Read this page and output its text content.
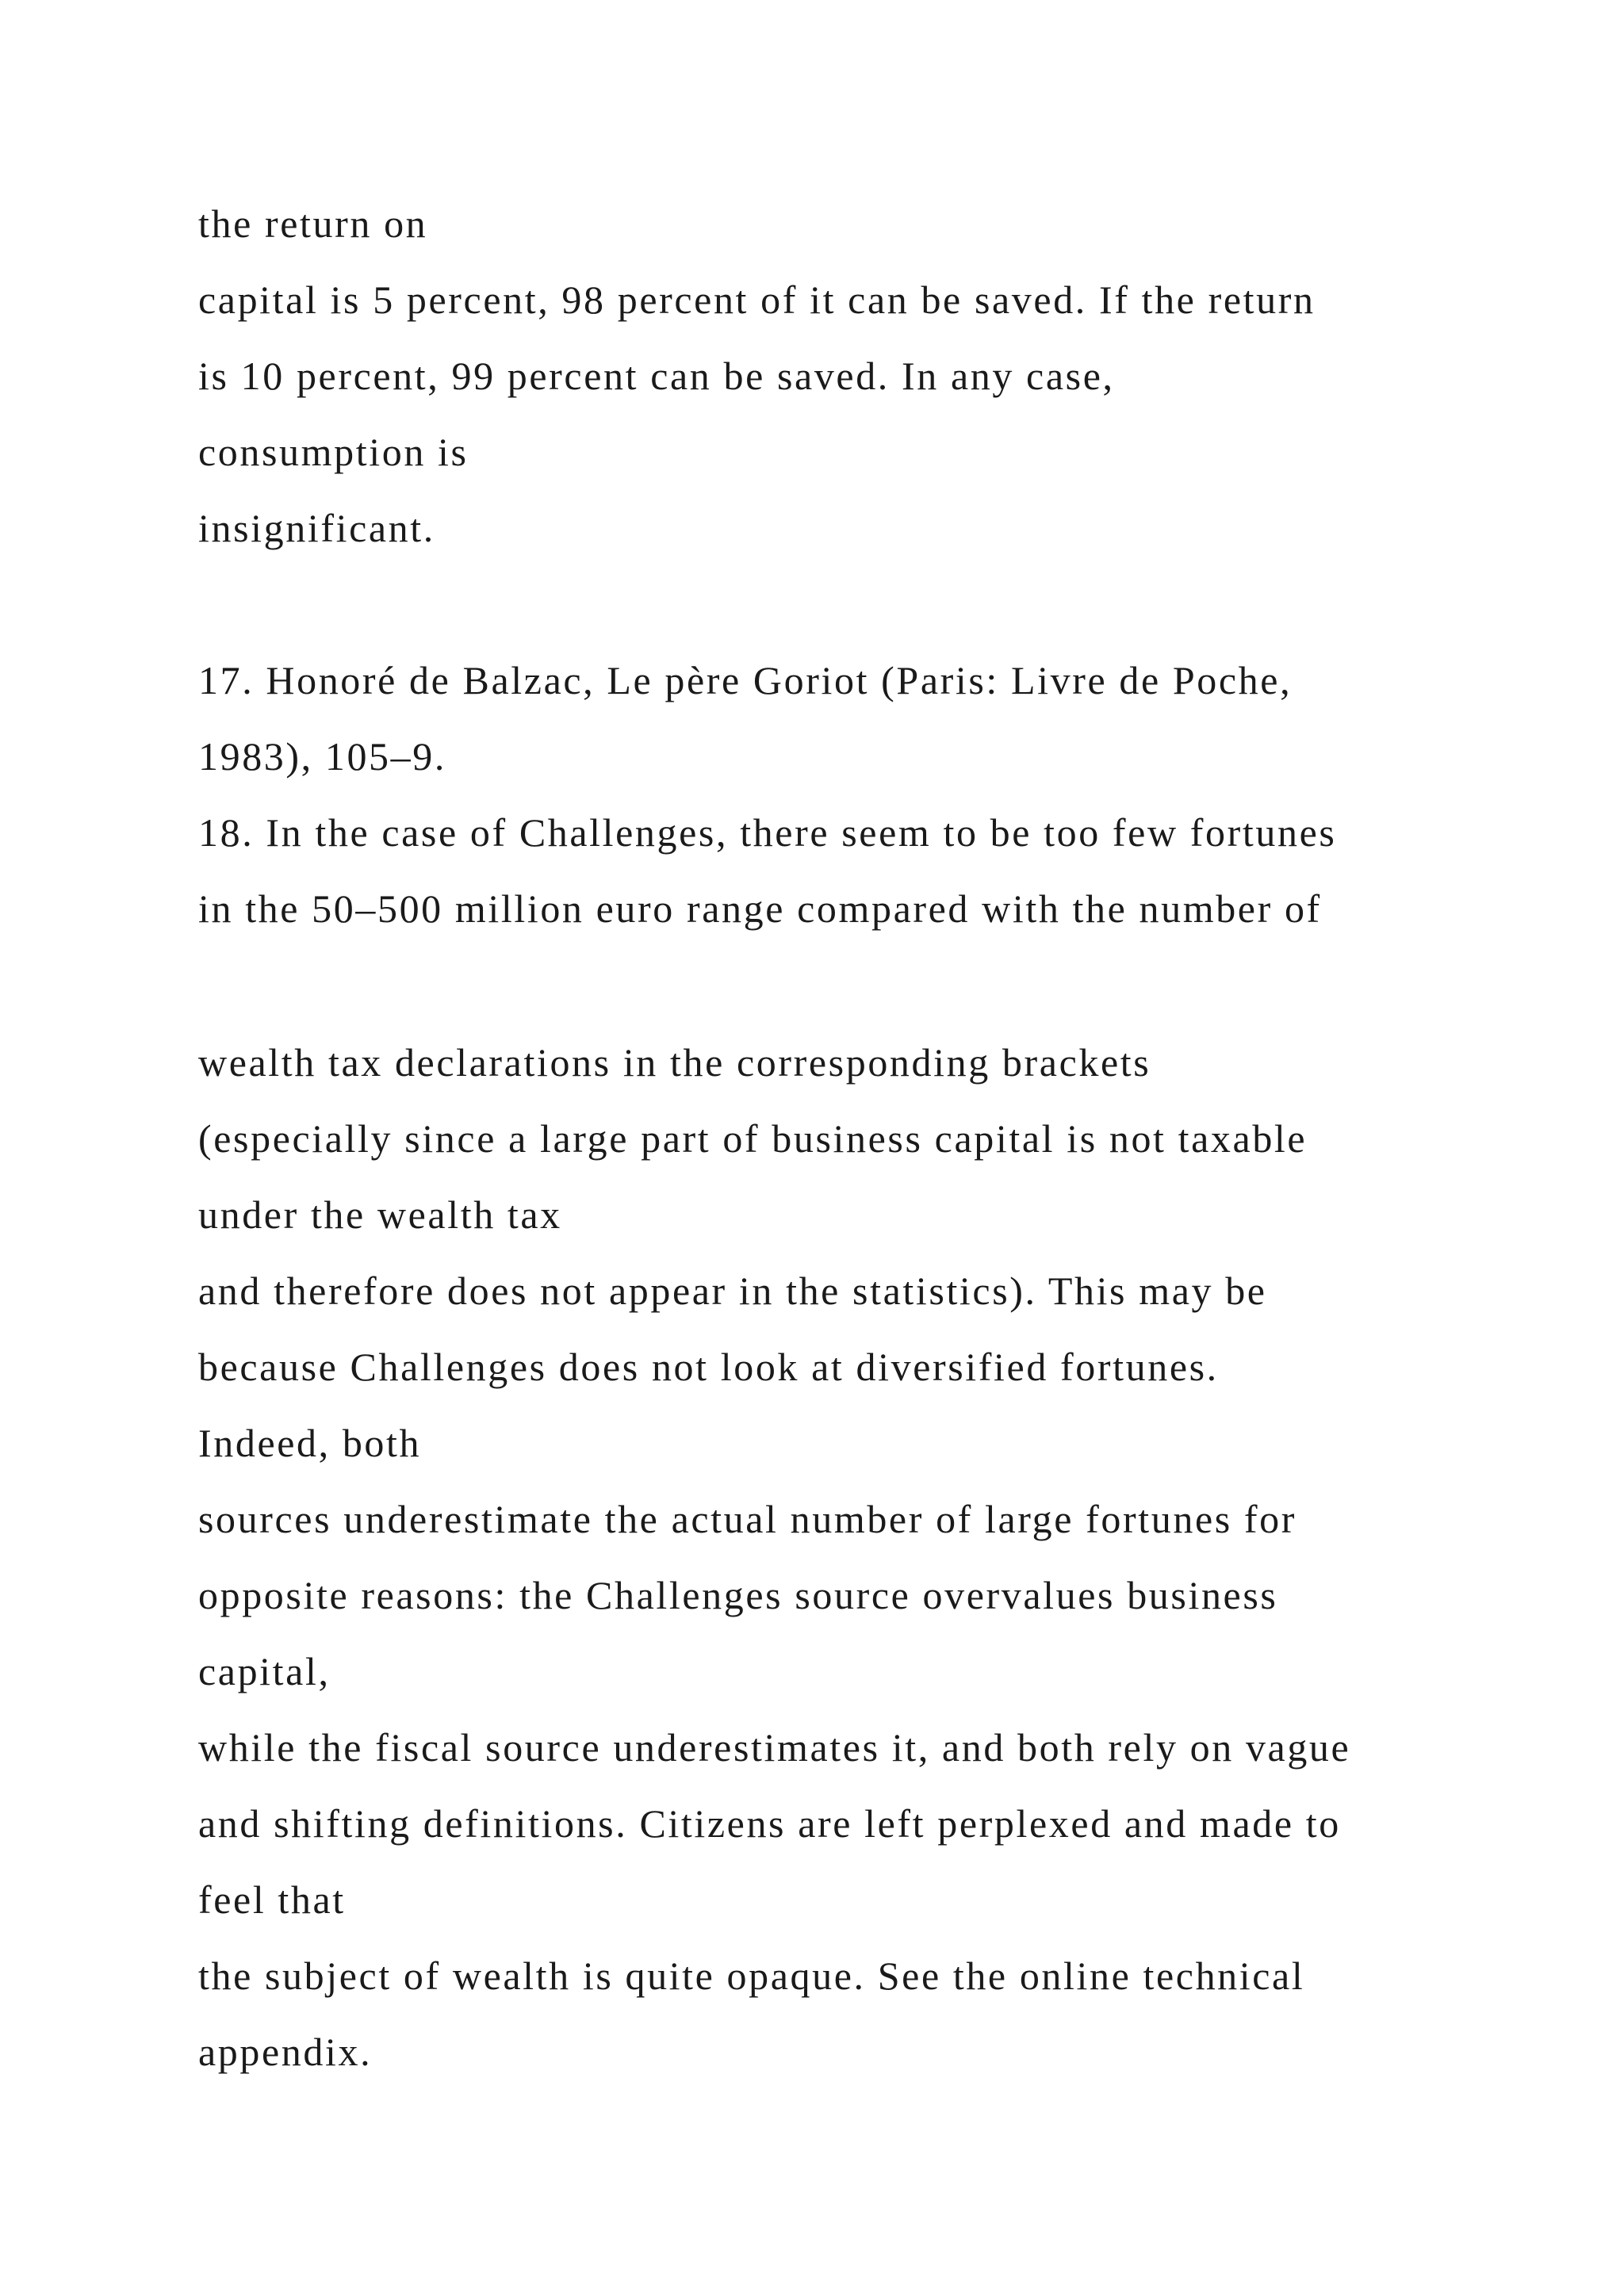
the return on

capital is 5 percent, 98 percent of it can be saved. If the return

is 10 percent, 99 percent can be saved. In any case,

consumption is

insignificant.

17. Honoré de Balzac, Le père Goriot (Paris: Livre de Poche,

1983), 105–9.

18. In the case of Challenges, there seem to be too few fortunes

in the 50–500 million euro range compared with the number of

wealth tax declarations in the corresponding brackets

(especially since a large part of business capital is not taxable

under the wealth tax

and therefore does not appear in the statistics). This may be

because Challenges does not look at diversified fortunes.

Indeed, both

sources underestimate the actual number of large fortunes for

opposite reasons: the Challenges source overvalues business

capital,

while the fiscal source underestimates it, and both rely on vague

and shifting definitions. Citizens are left perplexed and made to

feel that

the subject of wealth is quite opaque. See the online technical

appendix.
